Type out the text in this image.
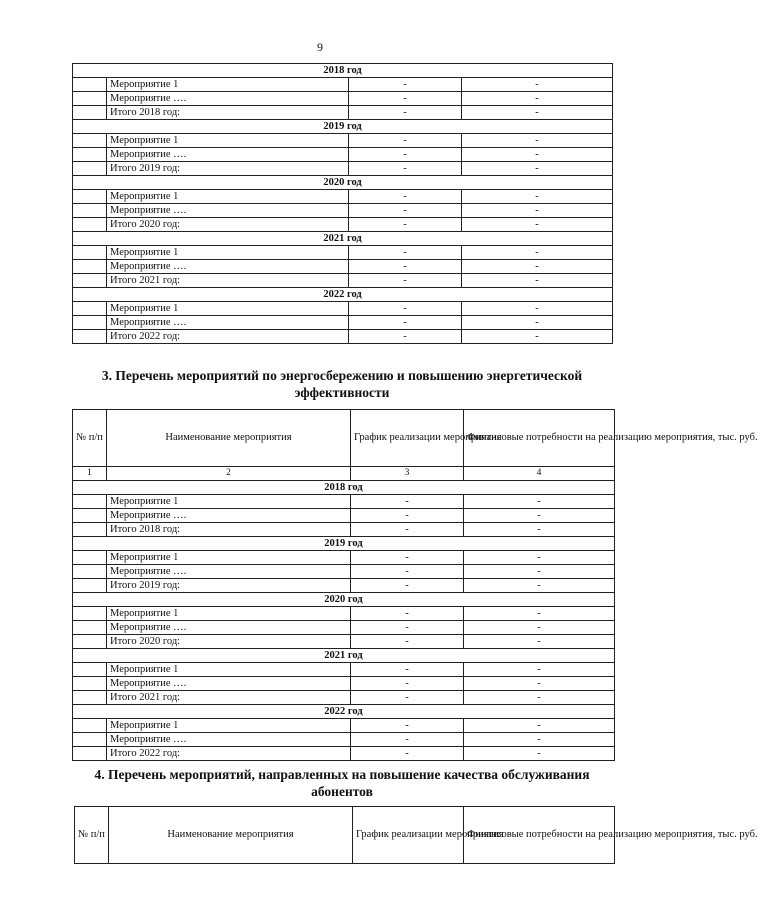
9
2018 год			
	Мероприятие 1	-	-
	Мероприятие ….	-	-
	Итого 2018 год:	-	-
2019 год			
	Мероприятие 1	-	-
	Мероприятие ….	-	-
	Итого 2019 год:	-	-
2020 год			
	Мероприятие 1	-	-
	Мероприятие ….	-	-
	Итого 2020 год:	-	-
2021 год			
	Мероприятие 1	-	-
	Мероприятие ….	-	-
	Итого 2021 год:	-	-
2022 год			
	Мероприятие 1	-	-
	Мероприятие ….	-	-
	Итого 2022 год:	-	-
3. Перечень мероприятий по энергосбережению и повышению энергетической эффективности
№ п/п	Наименование мероприятия	График реализации мероприятия	Финансовые потребности на реализацию мероприятия, тыс. руб.
1	2	3	4
2018 год			
	Мероприятие 1	-	-
	Мероприятие ….	-	-
	Итого 2018 год:	-	-
2019 год			
	Мероприятие 1	-	-
	Мероприятие ….	-	-
	Итого 2019 год:	-	-
2020 год			
	Мероприятие 1	-	-
	Мероприятие ….	-	-
	Итого 2020 год:	-	-
2021 год			
	Мероприятие 1	-	-
	Мероприятие ….	-	-
	Итого 2021 год:	-	-
2022 год			
	Мероприятие 1	-	-
	Мероприятие ….	-	-
	Итого 2022 год:	-	-
4. Перечень мероприятий, направленных на повышение качества обслуживания абонентов
№ п/п	Наименование мероприятия	График реализации мероприятия	Финансовые потребности на реализацию мероприятия, тыс. руб.
